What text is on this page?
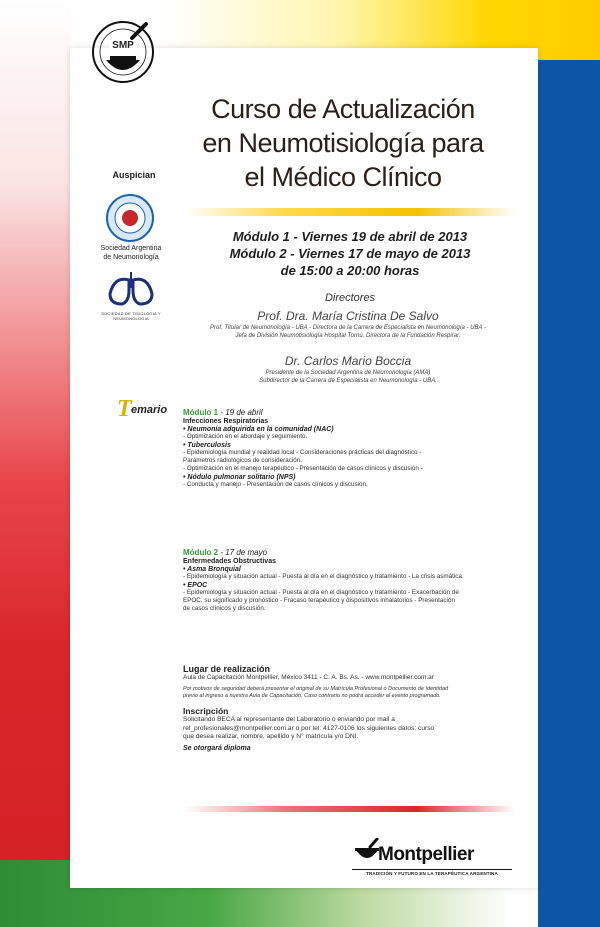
SMP
Curso de Actualización
en Neumotisiología para
el Médico Clínico
Módulo 1 - Viernes 19 de abril de 2013
Módulo 2 - Viernes 17 de mayo de 2013
de 15:00 a 20:00 horas
Auspician
Sociedad Argentina
de Neumonología
SOCIEDAD DE TISIOLOGIA Y NEUMONOLOGIA
Directores
Prof. Dra. María Cristina De Salvo
Prof. Titular de Neumonología - UBA - Directora de la Carrera de Especialista en Neumonología - UBA -
Jefa de División Neumotisiología Hospital Tornú. Directora de la Fundación Respirar.
Dr. Carlos Mario Boccia
Presidente de la Sociedad Argentina de Neumonología (AMA)
Subdirector de la Carrera de Especialista en Neumonología - UBA.
T emario Módulo 1 - 19 de abril
Infecciones Respiratorias
• Neumonía adquirida en la comunidad (NAC)
- Optimización en el abordaje y seguimiento.
• Tuberculosis
- Epidemiología mundial y realidad local - Consideraciones prácticas del diagnóstico -
Parámetros radiológicos de consideración.
- Optimización en el manejo terapéutico - Presentación de casos clínicos y discusión -
• Nódulo pulmonar solitario (NPS)
- Conducta y manejo - Presentación de casos clínicos y discusión.
Módulo 2 - 17 de mayo
Enfermedades Obstructivas
• Asma Bronquial
- Epidemiología y situación actual - Puesta al día en el diagnóstico y tratamiento - La crisis asmática.
• EPOC
- Epidemiología y situación actual - Puesta al día en el diagnóstico y tratamiento - Exacerbación de
EPOC, su significado y pronóstico - Fracaso terapéutico y dispositivos inhalatorios - Presentación
de casos clínicos y discusión.
Lugar de realización
Aula de Capacitación Montpellier, México 3411 - C. A. Bs. As. - www.montpellier.com.ar
Por motivos de seguridad deberá presentar el original de su Matrícula Profesional o Documento de Identidad
previo al ingreso a nuestra Aula de Capacitación. Caso contrario no podrá acceder al evento programado.
Inscripción
Solicitando BECA al representante del Laboratorio o enviando por mail a
rel_profesionales@montpellier.com.ar o por tel: 4127-0106 los siguientes datos: curso
que desea realizar, nombre, apellido y N° matrícula y/o DNI.
Se otorgará diploma
Montpellier
TRADICIÓN Y FUTURO EN LA TERAPÉUTICA ARGENTINA
